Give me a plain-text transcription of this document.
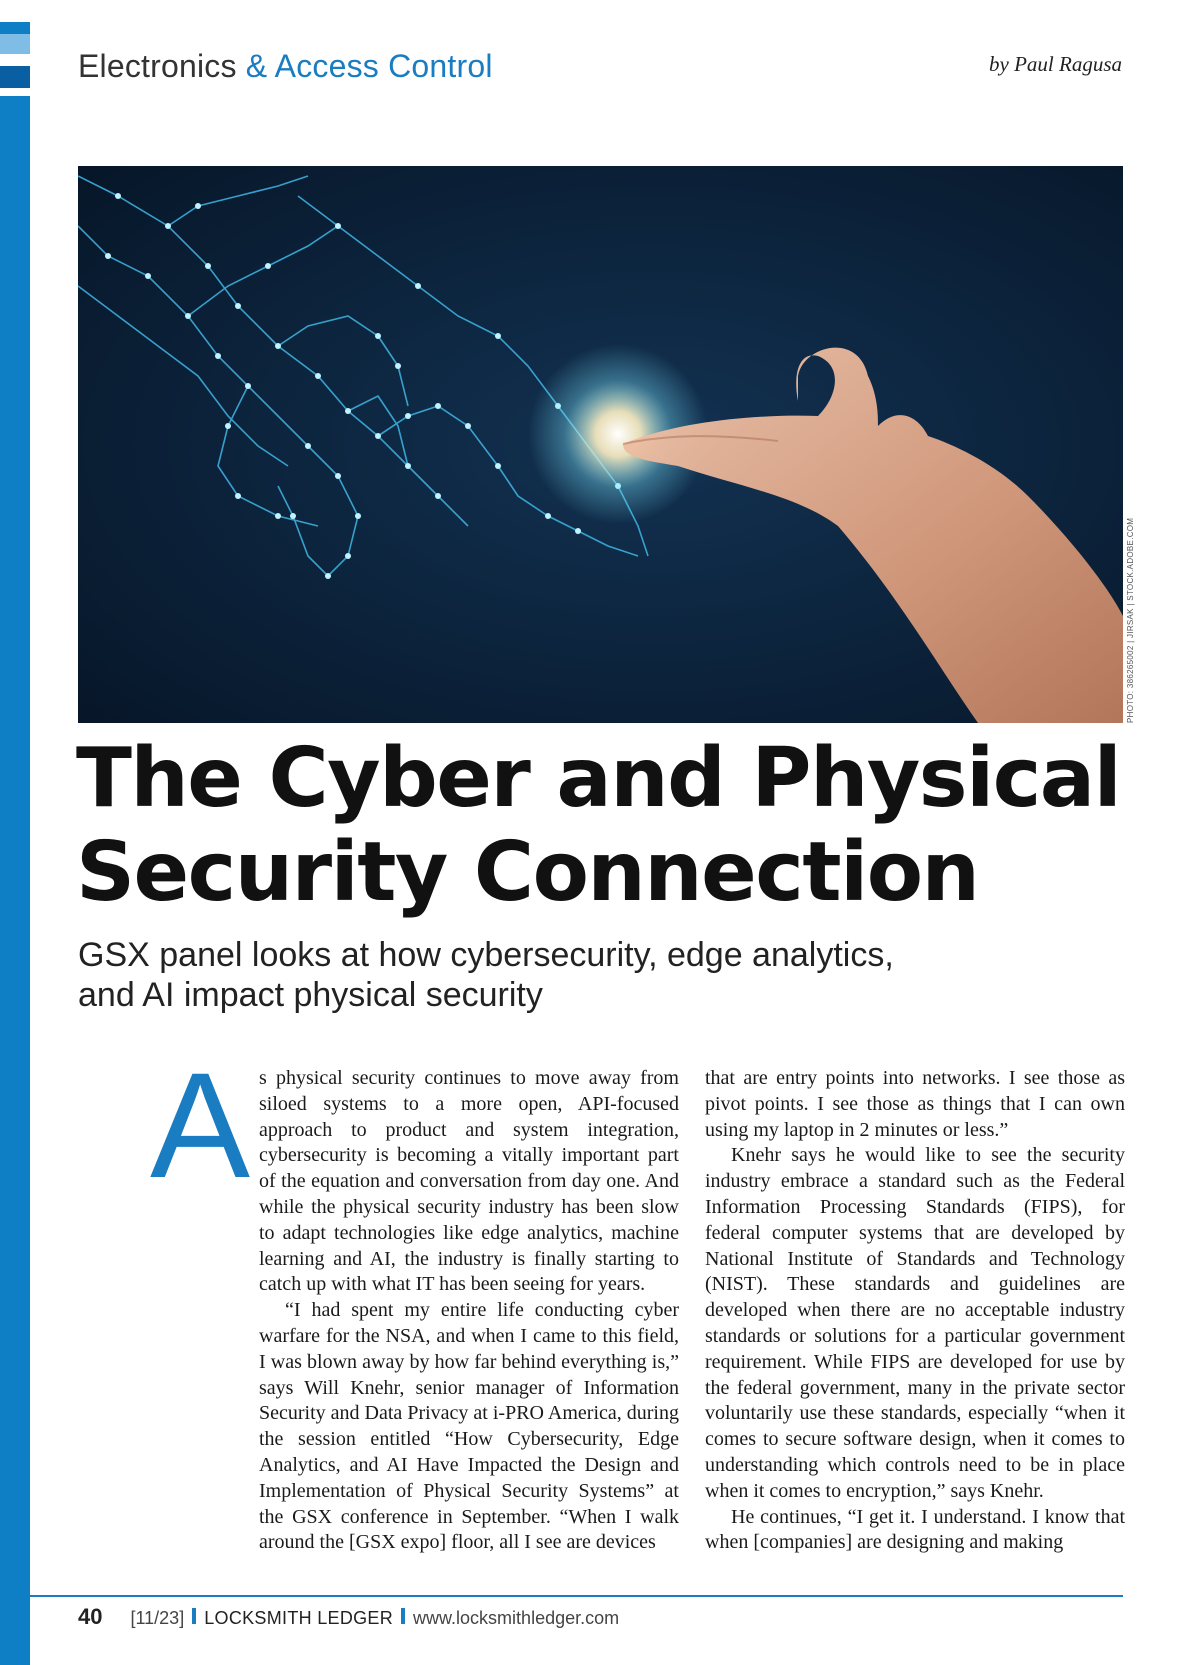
Electronics & Access Control	by Paul Ragusa
PHOTO: 386265002 | JIRSAK | STOCK.ADOBE.COM
The Cyber and Physical
Security Connection
GSX panel looks at how cybersecurity, edge analytics,
and AI impact physical security
A s physical security continues to move away from siloed systems to a more open, API-focused approach to product and system integration, cybersecurity is becoming a vitally important part of the equation and conversation from day one. And while the physical security industry has been slow to adapt technologies like edge analytics, machine learning and AI, the industry is finally starting to catch up with what IT has been seeing for years.

“I had spent my entire life conducting cyber warfare for the NSA, and when I came to this field, I was blown away by how far behind everything is,” says Will Knehr, senior manager of Information Security and Data Privacy at i-PRO America, during the session entitled “How Cybersecurity, Edge Analytics, and AI Have Impacted the Design and Implementation of Physical Security Systems” at the GSX conference in September. “When I walk around the [GSX expo] floor, all I see are devices

that are entry points into networks. I see those as pivot points. I see those as things that I can own using my laptop in 2 minutes or less.”

Knehr says he would like to see the security industry embrace a standard such as the Federal Information Processing Standards (FIPS), for federal computer systems that are developed by National Institute of Standards and Technology (NIST). These standards and guidelines are developed when there are no acceptable industry standards or solutions for a particular government requirement. While FIPS are developed for use by the federal government, many in the private sector voluntarily use these standards, especially “when it comes to secure software design, when it comes to understanding which controls need to be in place when it comes to encryption,” says Knehr.

He continues, “I get it. I understand. I know that when [companies] are designing and making

40 [11/23] LOCKSMITH LEDGER www.locksmithledger.com
